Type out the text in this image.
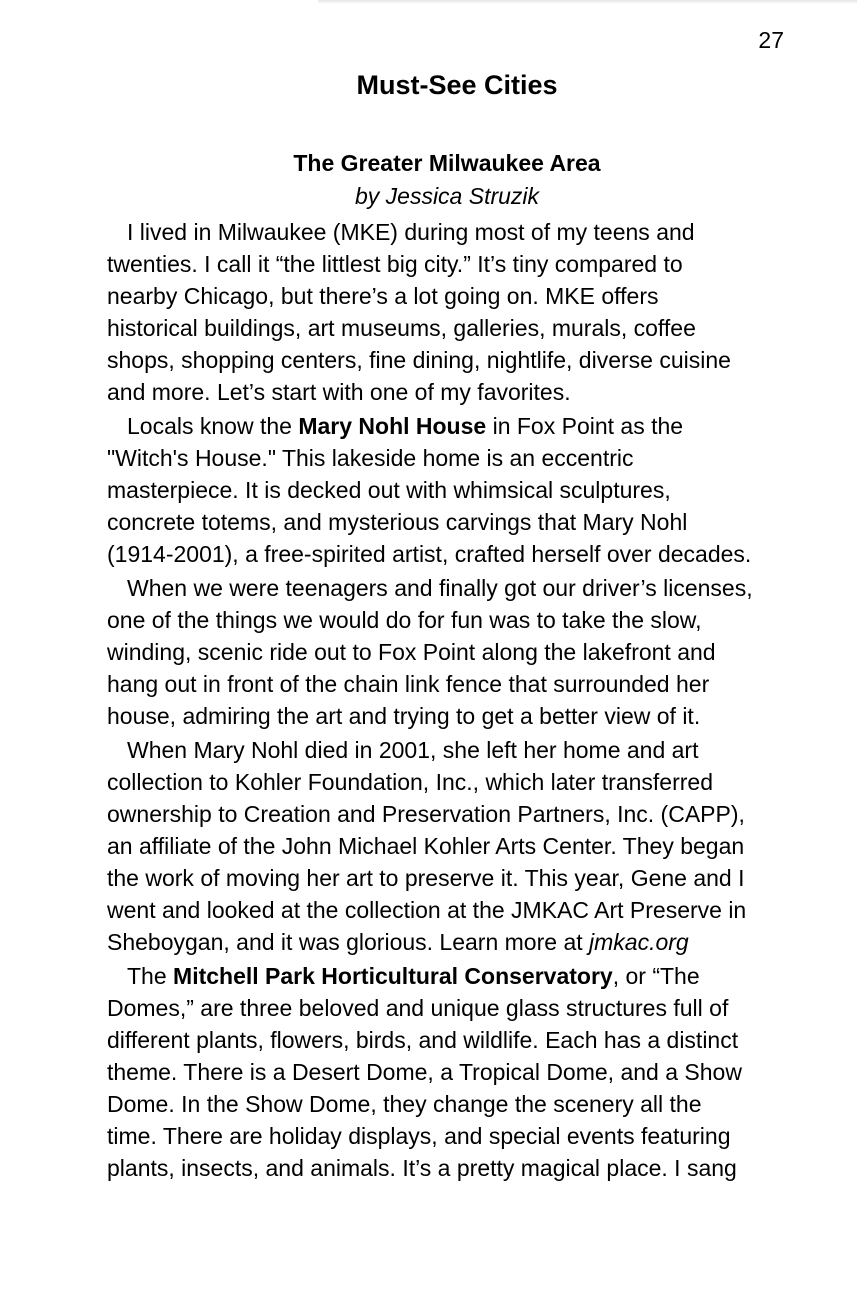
27
Must-See Cities
The Greater Milwaukee Area
by Jessica Struzik

I lived in Milwaukee (MKE) during most of my teens and
twenties. I call it “the littlest big city.” It’s tiny compared to
nearby Chicago, but there’s a lot going on. MKE offers
historical buildings, art museums, galleries, murals, coffee
shops, shopping centers, fine dining, nightlife, diverse cuisine
and more. Let’s start with one of my favorites.

Locals know the Mary Nohl House in Fox Point as the
"Witch's House." This lakeside home is an eccentric
masterpiece. It is decked out with whimsical sculptures,
concrete totems, and mysterious carvings that Mary Nohl
(1914-2001), a free-spirited artist, crafted herself over decades.

When we were teenagers and finally got our driver’s licenses,
one of the things we would do for fun was to take the slow,
winding, scenic ride out to Fox Point along the lakefront and
hang out in front of the chain link fence that surrounded her
house, admiring the art and trying to get a better view of it.

When Mary Nohl died in 2001, she left her home and art
collection to Kohler Foundation, Inc., which later transferred
ownership to Creation and Preservation Partners, Inc. (CAPP),
an affiliate of the John Michael Kohler Arts Center. They began
the work of moving her art to preserve it. This year, Gene and I
went and looked at the collection at the JMKAC Art Preserve in
Sheboygan, and it was glorious. Learn more at jmkac.org

The Mitchell Park Horticultural Conservatory, or “The
Domes,” are three beloved and unique glass structures full of
different plants, flowers, birds, and wildlife. Each has a distinct
theme. There is a Desert Dome, a Tropical Dome, and a Show
Dome. In the Show Dome, they change the scenery all the
time. There are holiday displays, and special events featuring
plants, insects, and animals. It’s a pretty magical place. I sang
